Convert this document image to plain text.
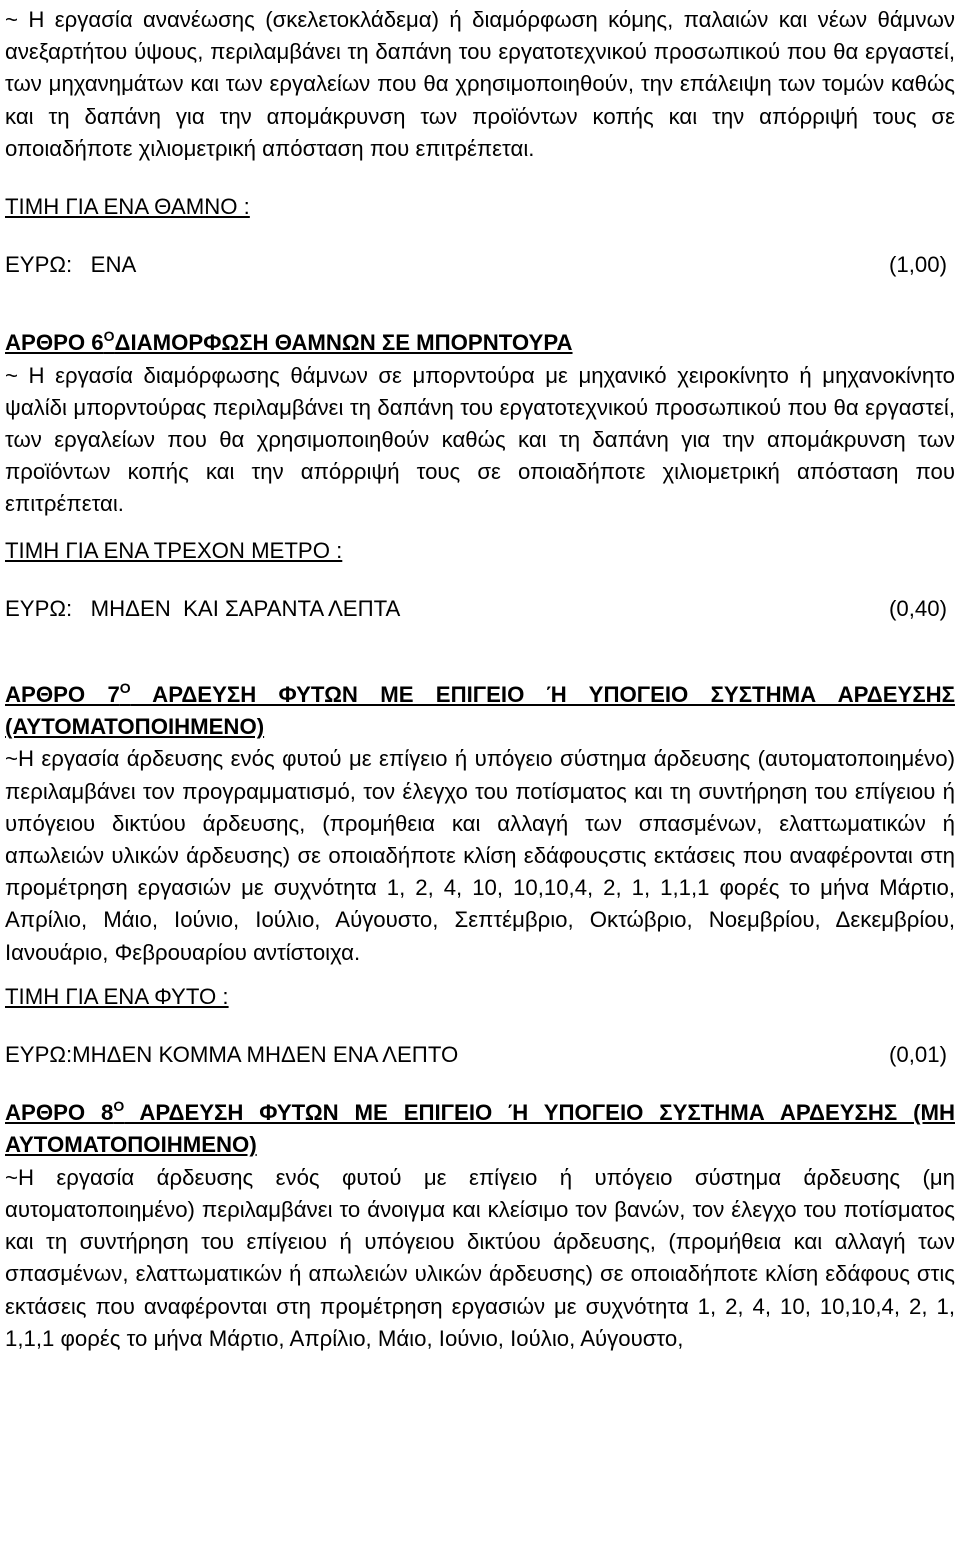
~ Η εργασία ανανέωσης (σκελετοκλάδεμα) ή διαμόρφωση κόμης, παλαιών και νέων θάμνων ανεξαρτήτου ύψους, περιλαμβάνει τη δαπάνη του εργατοτεχνικού προσωπικού που θα εργαστεί, των μηχανημάτων και των εργαλείων που θα χρησιμοποιηθούν, την επάλειψη των τομών καθώς και τη δαπάνη για την απομάκρυνση των προϊόντων κοπής και την απόρριψή τους σε οποιαδήποτε χιλιομετρική απόσταση που επιτρέπεται.

ΤΙΜΗ ΓΙΑ ΕΝΑ ΘΑΜΝΟ :

ΕΥΡΩ:   ΕΝΑ	(1,00)

ΑΡΘΡΟ $6^O\Delta IAMOP\Phi\Omega\Sigma H$ ΘΑΜΝΩΝ ΣΕ ΜΠΟΡΝΤΟΥΡΑ

~ Η εργασία διαμόρφωσης θάμνων σε μπορντούρα με μηχανικό χειροκίνητο ή μηχανοκίνητο ψαλίδι μπορντούρας περιλαμβάνει τη δαπάνη του εργατοτεχνικού προσωπικού που θα εργαστεί, των εργαλείων που θα χρησιμοποιηθούν καθώς και τη δαπάνη για την απομάκρυνση των προϊόντων κοπής και την απόρριψή τους σε οποιαδήποτε χιλιομετρική απόσταση που επιτρέπεται.

ΤΙΜΗ ΓΙΑ ΕΝΑ ΤΡΕΧΟΝ ΜΕΤΡΟ :

ΕΥΡΩ:   ΜΗΔΕΝ  ΚΑΙ ΣΑΡΑΝΤΑ ΛΕΠΤΑ	(0,40)

ΑΡΘΡΟ $7^O$ ΑΡΔΕΥΣΗ ΦΥΤΩΝ ΜΕ ΕΠΙΓΕΙΟ Ή ΥΠΟΓΕΙΟ ΣΥΣΤΗΜΑ ΑΡΔΕΥΣΗΣ (ΑΥΤΟΜΑΤΟΠΟΙΗΜΕΝΟ)

~Η εργασία άρδευσης ενός φυτού με επίγειο ή υπόγειο σύστημα άρδευσης (αυτοματοποιημένο) περιλαμβάνει τον προγραμματισμό, τον έλεγχο του ποτίσματος και τη συντήρηση του επίγειου ή υπόγειου δικτύου άρδευσης, (προμήθεια και αλλαγή των σπασμένων, ελαττωματικών ή απωλειών υλικών άρδευσης) σε οποιαδήποτε κλίση εδάφουςστις εκτάσεις που αναφέρονται στη προμέτρηση εργασιών με συχνότητα 1, 2, 4, 10, 10,10,4, 2, 1, 1,1,1 φορές το μήνα Μάρτιο, Απρίλιο, Μάιο, Ιούνιο, Ιούλιο, Αύγουστο, Σεπτέμβριο, Οκτώβριο, Νοεμβρίου, Δεκεμβρίου, Ιανουάριο, Φεβρουαρίου αντίστοιχα.

ΤΙΜΗ ΓΙΑ ΕΝΑ ΦΥΤΟ :

ΕΥΡΩ:ΜΗΔΕΝ ΚΟΜΜΑ ΜΗΔΕΝ ΕΝΑ ΛΕΠΤΟ	(0,01)

ΑΡΘΡΟ $8^O$ ΑΡΔΕΥΣΗ ΦΥΤΩΝ ΜΕ ΕΠΙΓΕΙΟ Ή ΥΠΟΓΕΙΟ ΣΥΣΤΗΜΑ ΑΡΔΕΥΣΗΣ (ΜΗ ΑΥΤΟΜΑΤΟΠΟΙΗΜΕΝΟ)

~Η εργασία άρδευσης ενός φυτού με επίγειο ή υπόγειο σύστημα άρδευσης (μη αυτοματοποιημένο) περιλαμβάνει το άνοιγμα και κλείσιμο τον βανών, τον έλεγχο του ποτίσματος και τη συντήρηση του επίγειου ή υπόγειου δικτύου άρδευσης, (προμήθεια και αλλαγή των σπασμένων, ελαττωματικών ή απωλειών υλικών άρδευσης) σε οποιαδήποτε κλίση εδάφους στις εκτάσεις που αναφέρονται στη προμέτρηση εργασιών με συχνότητα 1, 2, 4, 10, 10,10,4, 2, 1, 1,1,1 φορές το μήνα Μάρτιο, Απρίλιο, Μάιο, Ιούνιο, Ιούλιο, Αύγουστο,
